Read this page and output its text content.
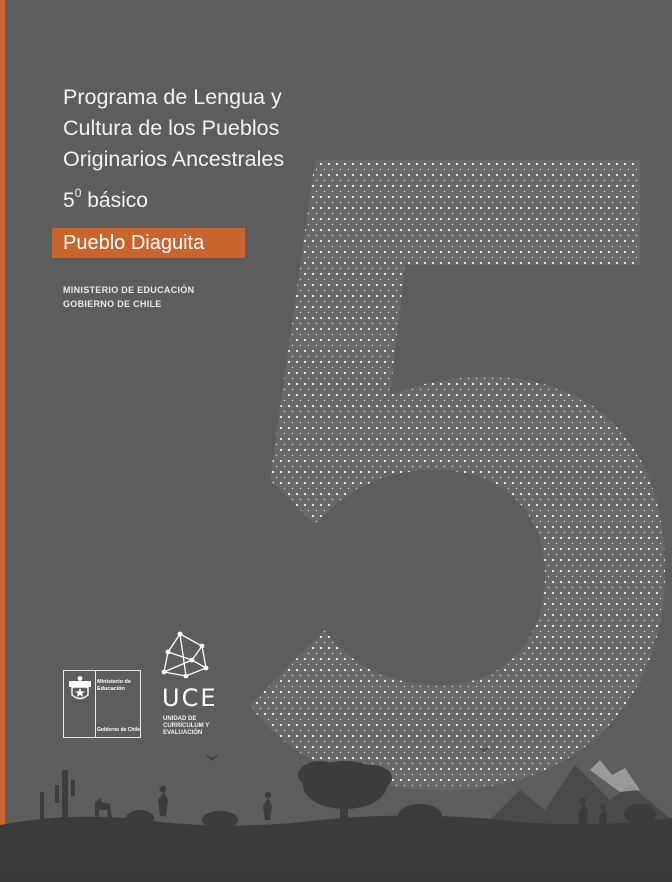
Programa de Lengua y
Cultura de los Pueblos
Originarios Ancestrales
$5^0$ básico
Pueblo Diaguita
MINISTERIO DE EDUCACIÓN
GOBIERNO DE CHILE
Ministerio de Educación
Gobierno de Chile
UCE
UNIDAD DE
CURRÍCULUM Y
EVALUACIÓN
